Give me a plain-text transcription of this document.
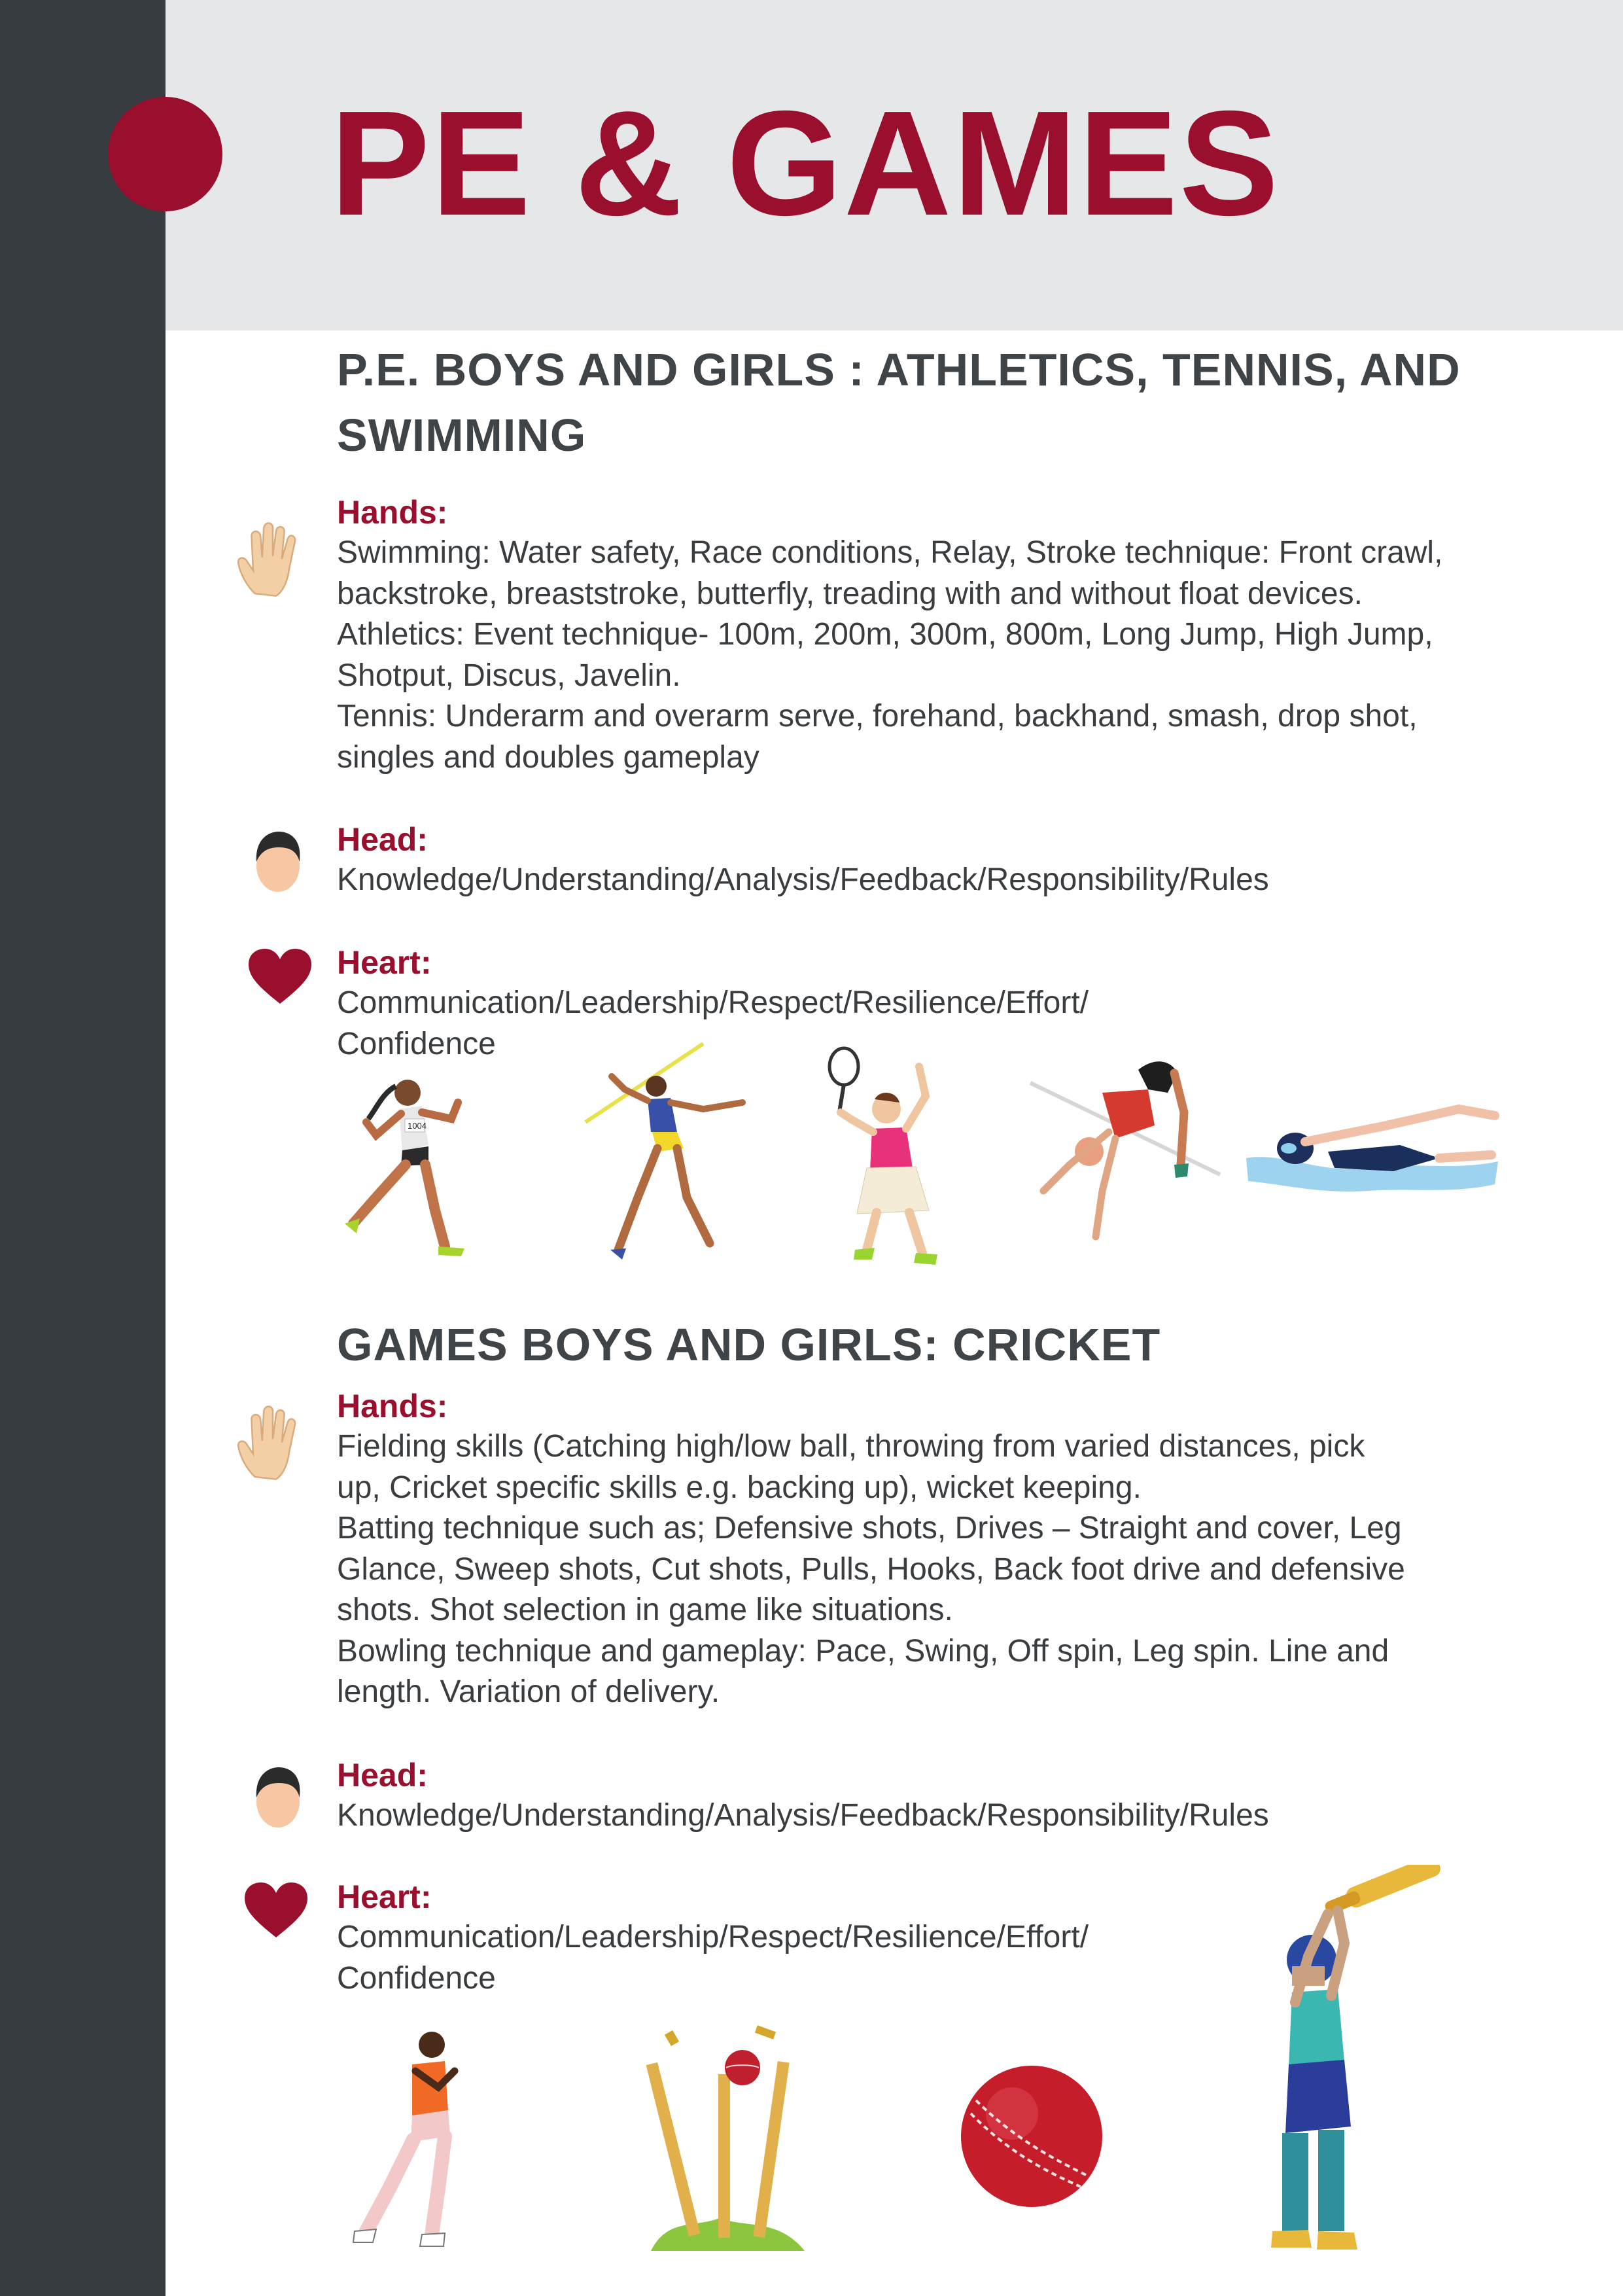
PE & GAMES
P.E. BOYS AND GIRLS : ATHLETICS, TENNIS, AND SWIMMING
Hands:
Swimming: Water safety, Race conditions, Relay, Stroke technique: Front crawl,
backstroke, breaststroke, butterfly, treading with and without float devices.
Athletics: Event technique- 100m, 200m, 300m, 800m, Long Jump, High Jump,
Shotput, Discus, Javelin.
Tennis: Underarm and overarm serve, forehand, backhand, smash, drop shot,
singles and doubles gameplay
Head:
Knowledge/Understanding/Analysis/Feedback/Responsibility/Rules
Heart:
Communication/Leadership/Respect/Resilience/Effort/
Confidence
1004
GAMES BOYS AND GIRLS: CRICKET
Hands:
Fielding skills (Catching high/low ball, throwing from varied distances, pick
up, Cricket specific skills e.g. backing up), wicket keeping.
Batting technique such as; Defensive shots, Drives – Straight and cover, Leg
Glance, Sweep shots, Cut shots, Pulls, Hooks, Back foot drive and defensive
shots. Shot selection in game like situations.
Bowling technique and gameplay: Pace, Swing, Off spin, Leg spin. Line and
length. Variation of delivery.
Head:
Knowledge/Understanding/Analysis/Feedback/Responsibility/Rules
Heart:
Communication/Leadership/Respect/Resilience/Effort/
Confidence
